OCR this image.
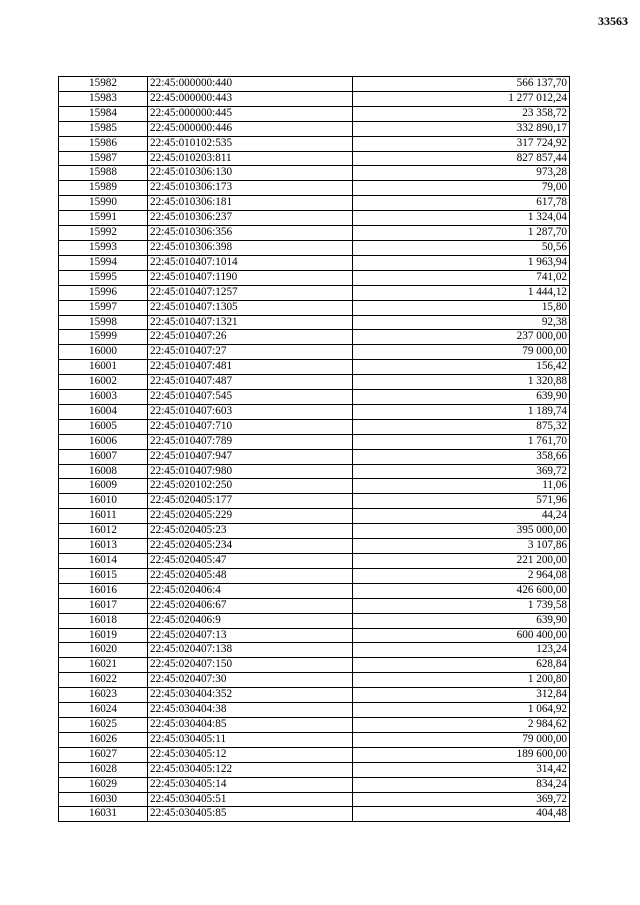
33563
15982	22:45:000000:440	566 137,70
15983	22:45:000000:443	1 277 012,24
15984	22:45:000000:445	23 358,72
15985	22:45:000000:446	332 890,17
15986	22:45:010102:535	317 724,92
15987	22:45:010203:811	827 857,44
15988	22:45:010306:130	973,28
15989	22:45:010306:173	79,00
15990	22:45:010306:181	617,78
15991	22:45:010306:237	1 324,04
15992	22:45:010306:356	1 287,70
15993	22:45:010306:398	50,56
15994	22:45:010407:1014	1 963,94
15995	22:45:010407:1190	741,02
15996	22:45:010407:1257	1 444,12
15997	22:45:010407:1305	15,80
15998	22:45:010407:1321	92,38
15999	22:45:010407:26	237 000,00
16000	22:45:010407:27	79 000,00
16001	22:45:010407:481	156,42
16002	22:45:010407:487	1 320,88
16003	22:45:010407:545	639,90
16004	22:45:010407:603	1 189,74
16005	22:45:010407:710	875,32
16006	22:45:010407:789	1 761,70
16007	22:45:010407:947	358,66
16008	22:45:010407:980	369,72
16009	22:45:020102:250	11,06
16010	22:45:020405:177	571,96
16011	22:45:020405:229	44,24
16012	22:45:020405:23	395 000,00
16013	22:45:020405:234	3 107,86
16014	22:45:020405:47	221 200,00
16015	22:45:020405:48	2 964,08
16016	22:45:020406:4	426 600,00
16017	22:45:020406:67	1 739,58
16018	22:45:020406:9	639,90
16019	22:45:020407:13	600 400,00
16020	22:45:020407:138	123,24
16021	22:45:020407:150	628,84
16022	22:45:020407:30	1 200,80
16023	22:45:030404:352	312,84
16024	22:45:030404:38	1 064,92
16025	22:45:030404:85	2 984,62
16026	22:45:030405:11	79 000,00
16027	22:45:030405:12	189 600,00
16028	22:45:030405:122	314,42
16029	22:45:030405:14	834,24
16030	22:45:030405:51	369,72
16031	22:45:030405:85	404,48
